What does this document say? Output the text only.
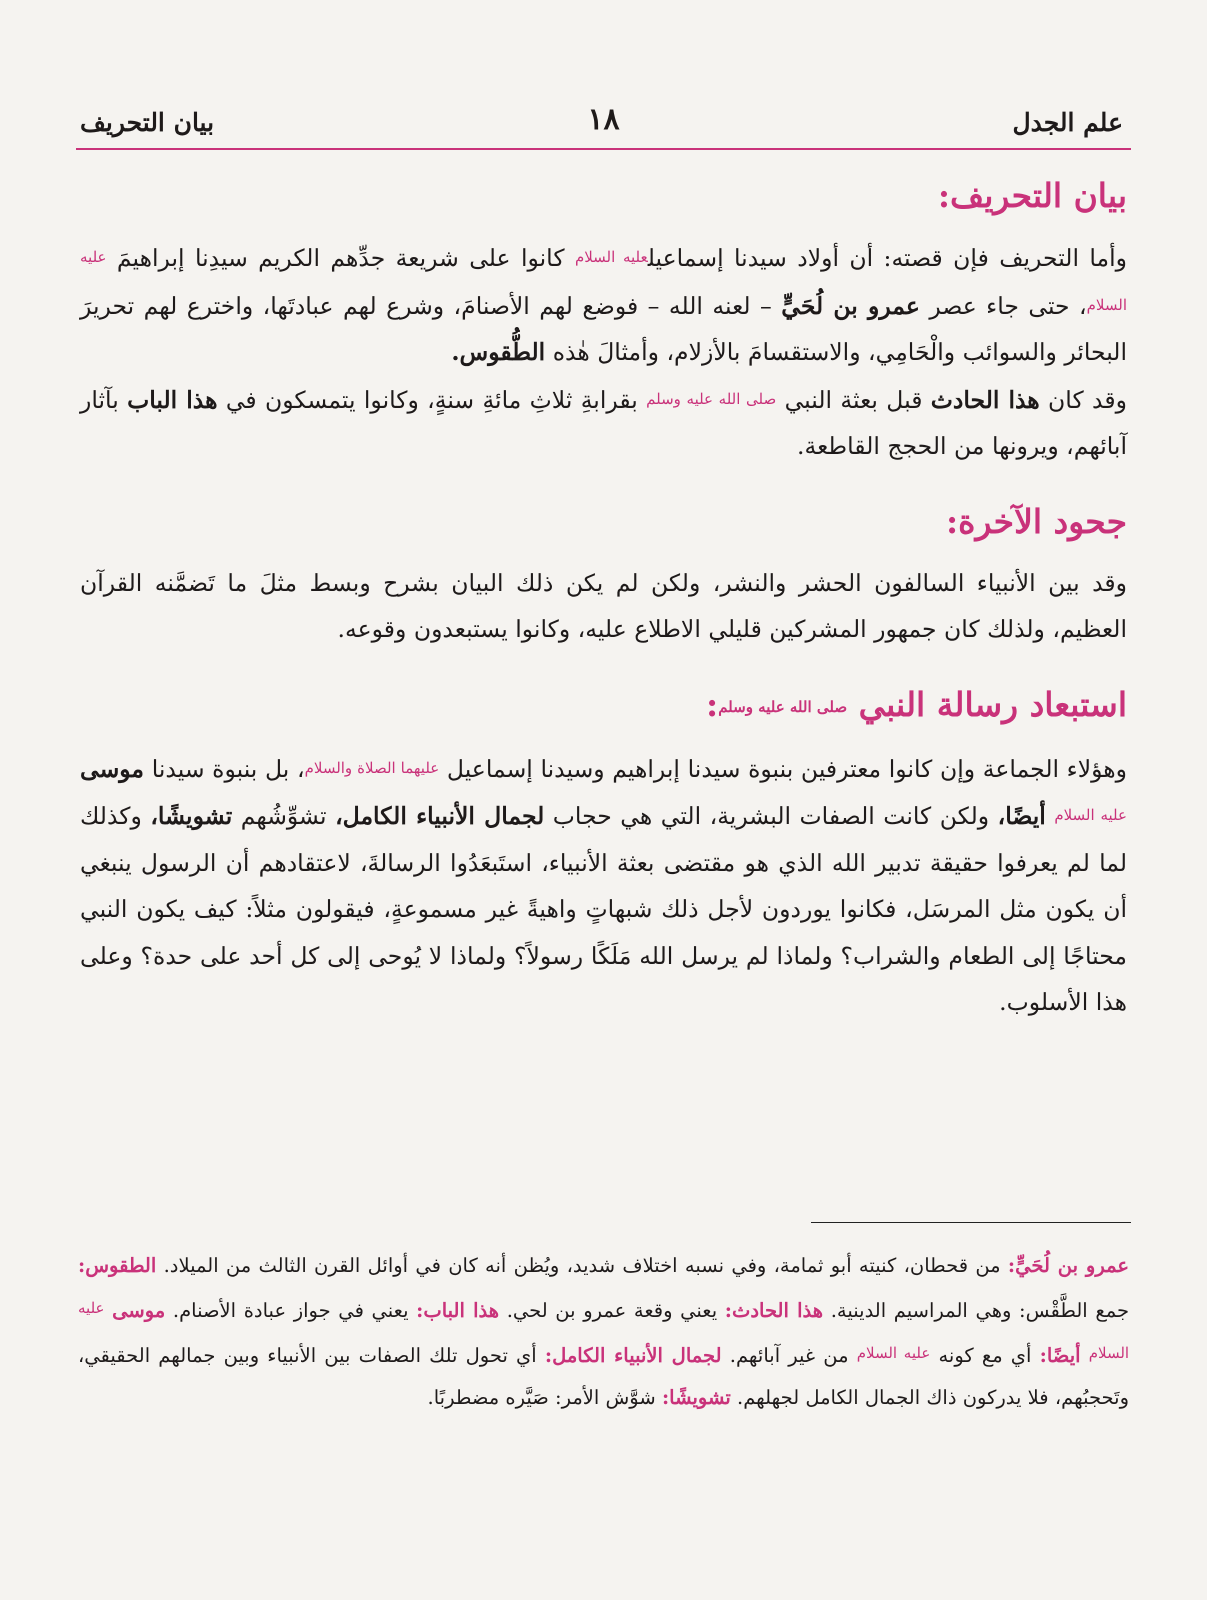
علم الجدل
١٨
بيان التحريف
بيان التحريف:

وأما التحريف فإن قصته: أن أولاد سيدنا إسماعيلعليه السلام كانوا على شريعة جدِّهم الكريم سيدِنا إبراهيمَ عليه السلام، حتى جاء عصر عمرو بن لُحَيٍّ – لعنه الله – فوضع لهم الأصنامَ، وشرع لهم عبادتَها، واخترع لهم تحريرَ البحائر والسوائب والْحَامِي، والاستقسامَ بالأزلام، وأمثالَ هٰذه الطُّقوس.

وقد كان هذا الحادث قبل بعثة النبي صلى الله عليه وسلم بقرابةِ ثلاثِ مائةِ سنةٍ، وكانوا يتمسكون في هذا الباب بآثار آبائهم، ويرونها من الحجج القاطعة.

جحود الآخرة:

وقد بين الأنبياء السالفون الحشر والنشر، ولكن لم يكن ذلك البيان بشرح وبسط مثلَ ما تَضمَّنه القرآن العظيم، ولذلك كان جمهور المشركين قليلي الاطلاع عليه، وكانوا يستبعدون وقوعه.

استبعاد رسالة النبي صلى الله عليه وسلم:

وهؤلاء الجماعة وإن كانوا معترفين بنبوة سيدنا إبراهيم وسيدنا إسماعيل عليهما الصلاة والسلام، بل بنبوة سيدنا موسى عليه السلام أيضًا، ولكن كانت الصفات البشرية، التي هي حجاب لجمال الأنبياء الكامل، تشوِّشُهم تشويشًا، وكذلك لما لم يعرفوا حقيقة تدبير الله الذي هو مقتضى بعثة الأنبياء، استَبعَدُوا الرسالةَ، لاعتقادهم أن الرسول ينبغي أن يكون مثل المرسَل، فكانوا يوردون لأجل ذلك شبهاتٍ واهيةً غير مسموعةٍ، فيقولون مثلاً: كيف يكون النبي محتاجًا إلى الطعام والشراب؟ ولماذا لم يرسل الله مَلَكًا رسولاً؟ ولماذا لا يُوحى إلى كل أحد على حدة؟ وعلى هذا الأسلوب.

عمرو بن لُحَيٍّ: من قحطان، كنيته أبو ثمامة، وفي نسبه اختلاف شديد، ويُظن أنه كان في أوائل القرن الثالث من الميلاد. الطقوس: جمع الطَّقْس: وهي المراسيم الدينية. هذا الحادث: يعني وقعة عمرو بن لحي. هذا الباب: يعني في جواز عبادة الأصنام. موسى $^{عليه السلام}$ أيضًا: أي مع كونه $^{عليه السلام}$ من غير آبائهم. لجمال الأنبياء الكامل: أي تحول تلك الصفات بين الأنبياء وبين جمالهم الحقيقي، وتَحجبُهم، فلا يدركون ذاك الجمال الكامل لجهلهم. تشويشًا: شوَّش الأمر: صَيَّره مضطربًا.
